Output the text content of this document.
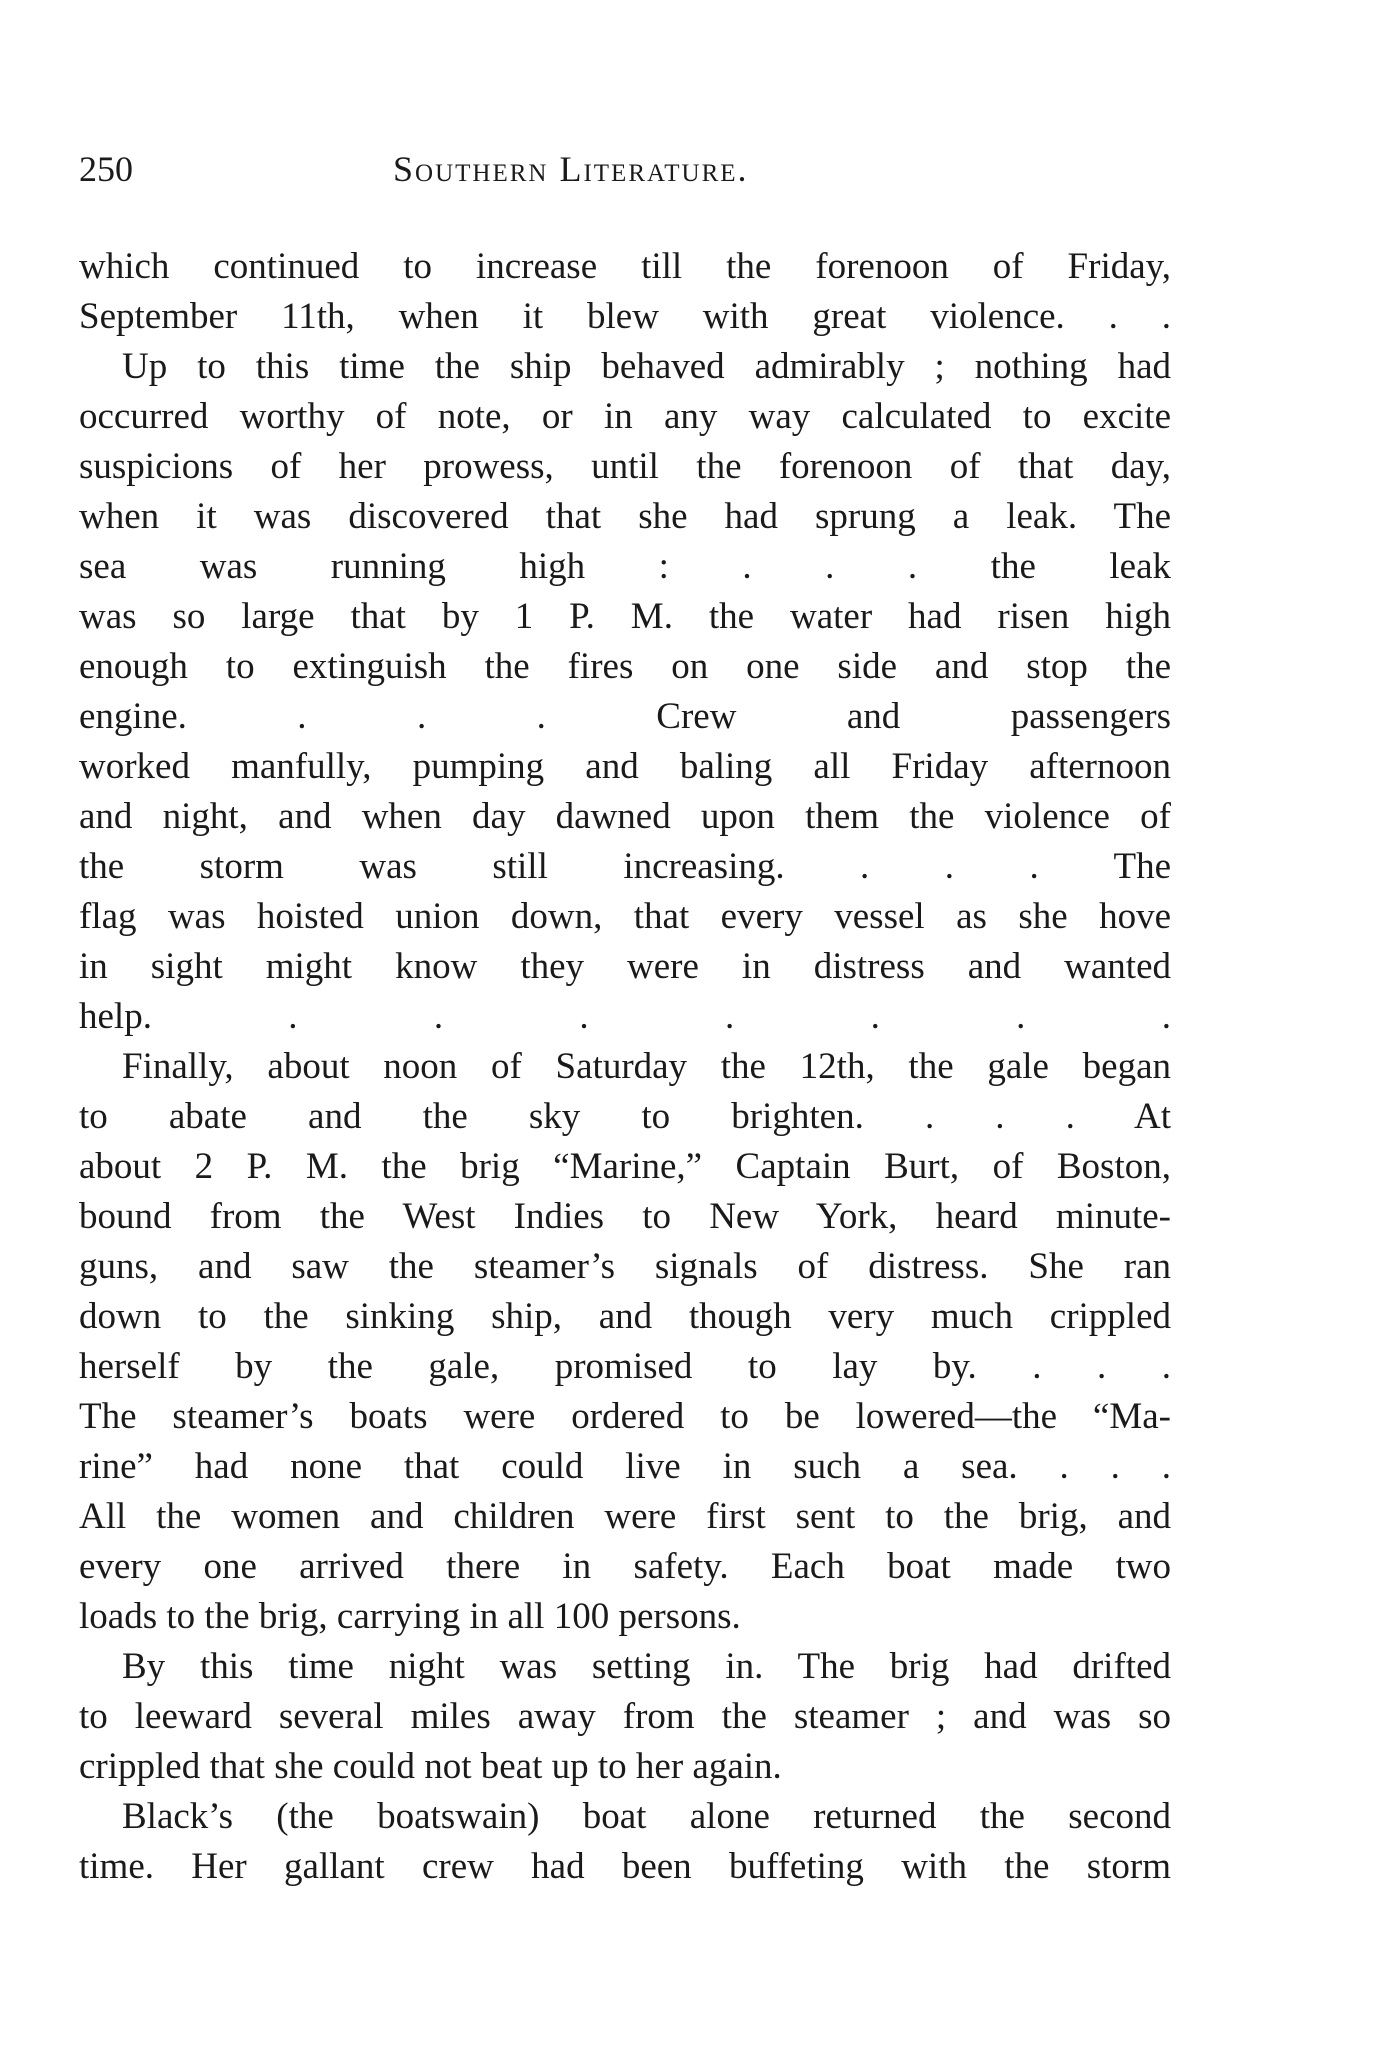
250	Southern Literature.
which continued to increase till the forenoon of Friday,
September 11th, when it blew with great violence. . .
Up to this time the ship behaved admirably ; nothing had
occurred worthy of note, or in any way calculated to excite
suspicions of her prowess, until the forenoon of that day,
when it was discovered that she had sprung a leak. The
sea was running high : . . . the leak
was so large that by 1 P. M. the water had risen high
enough to extinguish the fires on one side and stop the
engine. . . . Crew and passengers
worked manfully, pumping and baling all Friday afternoon
and night, and when day dawned upon them the violence of
the storm was still increasing. . . . The
flag was hoisted union down, that every vessel as she hove
in sight might know they were in distress and wanted
help. . . . . . . .
Finally, about noon of Saturday the 12th, the gale began
to abate and the sky to brighten. . . . At
about 2 P. M. the brig “Marine,” Captain Burt, of Boston,
bound from the West Indies to New York, heard minute-
guns, and saw the steamer’s signals of distress. She ran
down to the sinking ship, and though very much crippled
herself by the gale, promised to lay by. . . .
The steamer’s boats were ordered to be lowered—the “Ma-
rine” had none that could live in such a sea. . . .
All the women and children were first sent to the brig, and
every one arrived there in safety. Each boat made two
loads to the brig, carrying in all 100 persons.
By this time night was setting in. The brig had drifted
to leeward several miles away from the steamer ; and was so
crippled that she could not beat up to her again.
Black’s (the boatswain) boat alone returned the second
time. Her gallant crew had been buffeting with the storm
